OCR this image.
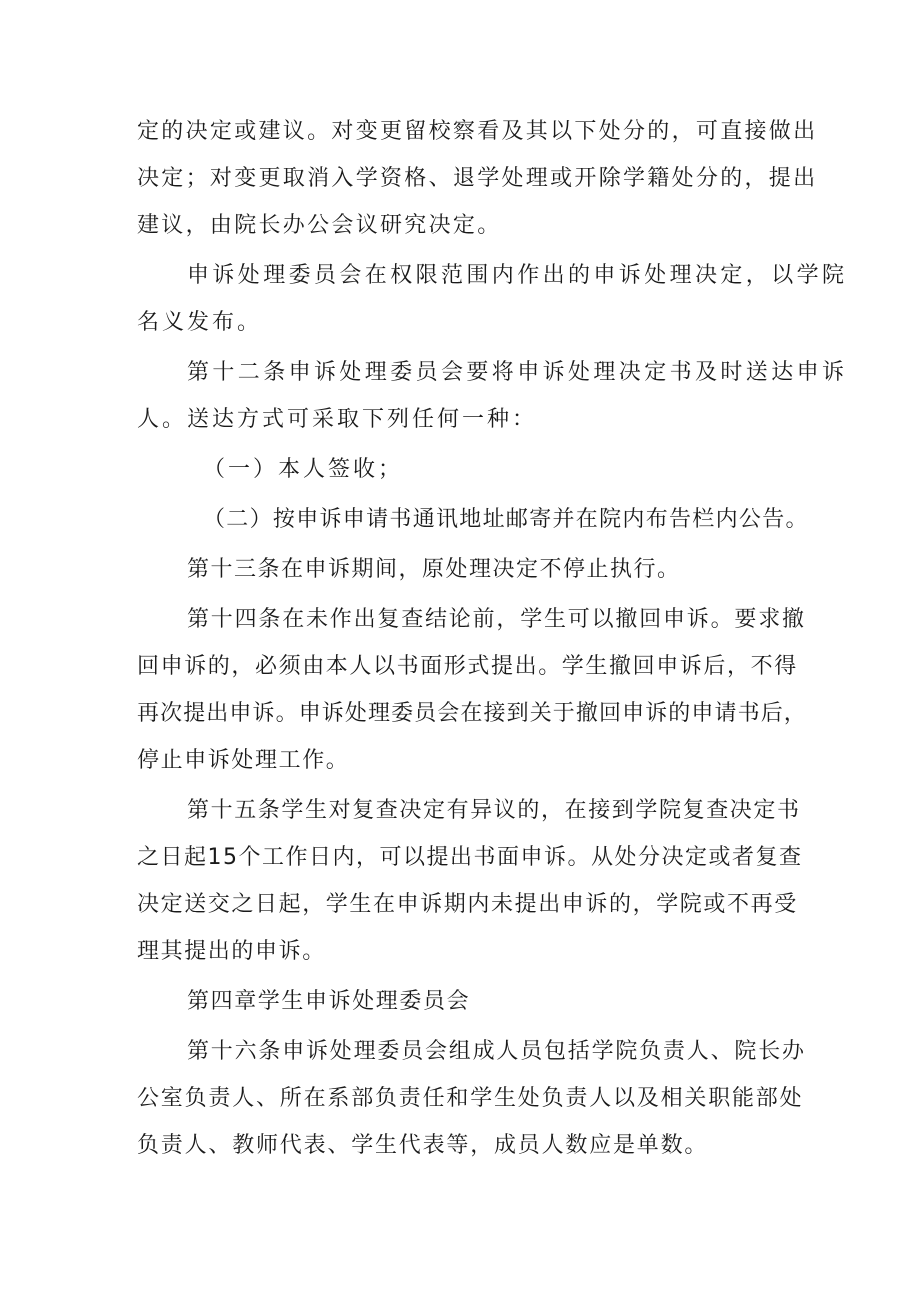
定的决定或建议。对变更留校察看及其以下处分的，可直接做出
决定；对变更取消入学资格、退学处理或开除学籍处分的，提出
建议，由院长办公会议研究决定。
申诉处理委员会在权限范围内作出的申诉处理决定，以学院
名义发布。
第十二条申诉处理委员会要将申诉处理决定书及时送达申诉
人。送达方式可采取下列任何一种：
（一）本人签收；
（二）按申诉申请书通讯地址邮寄并在院内布告栏内公告。
第十三条在申诉期间，原处理决定不停止执行。
第十四条在未作出复查结论前，学生可以撤回申诉。要求撤
回申诉的，必须由本人以书面形式提出。学生撤回申诉后，不得
再次提出申诉。申诉处理委员会在接到关于撤回申诉的申请书后，
停止申诉处理工作。
第十五条学生对复查决定有异议的，在接到学院复查决定书
之日起15个工作日内，可以提出书面申诉。从处分决定或者复查
决定送交之日起，学生在申诉期内未提出申诉的，学院或不再受
理其提出的申诉。
第四章学生申诉处理委员会
第十六条申诉处理委员会组成人员包括学院负责人、院长办
公室负责人、所在系部负责任和学生处负责人以及相关职能部处
负责人、教师代表、学生代表等，成员人数应是单数。
